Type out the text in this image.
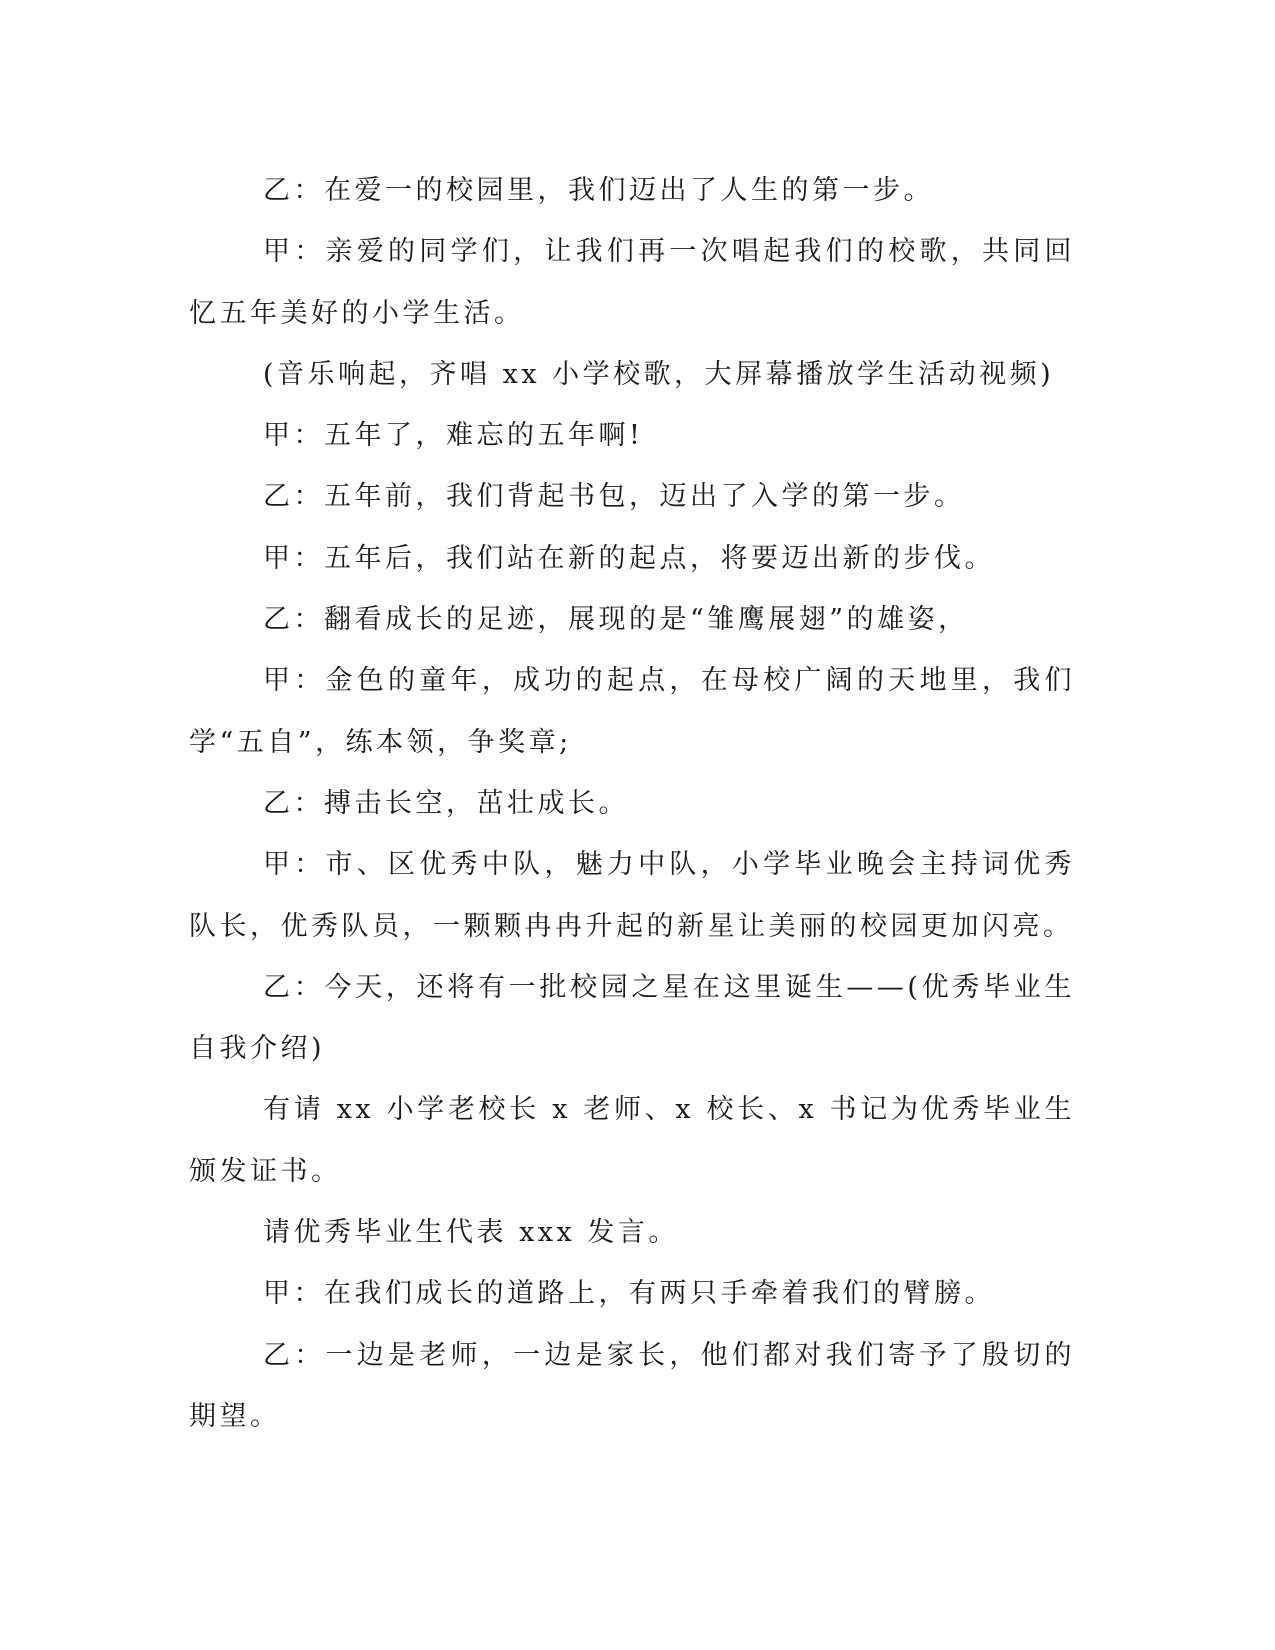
乙：在爱一的校园里，我们迈出了人生的第一步。

甲：亲爱的同学们，让我们再一次唱起我们的校歌，共同回忆五年美好的小学生活。

(音乐响起，齐唱 xx 小学校歌，大屏幕播放学生活动视频)

甲：五年了，难忘的五年啊!

乙：五年前，我们背起书包，迈出了入学的第一步。

甲：五年后，我们站在新的起点，将要迈出新的步伐。

乙：翻看成长的足迹，展现的是“雏鹰展翅”的雄姿，

甲：金色的童年，成功的起点，在母校广阔的天地里，我们学“五自”，练本领，争奖章;

乙：搏击长空，茁壮成长。

甲：市、区优秀中队，魅力中队，小学毕业晚会主持词优秀队长，优秀队员，一颗颗冉冉升起的新星让美丽的校园更加闪亮。

乙：今天，还将有一批校园之星在这里诞生——(优秀毕业生自我介绍)

有请 xx 小学老校长 x 老师、x 校长、x 书记为优秀毕业生颁发证书。

请优秀毕业生代表 xxx 发言。

甲：在我们成长的道路上，有两只手牵着我们的臂膀。

乙：一边是老师，一边是家长，他们都对我们寄予了殷切的期望。
